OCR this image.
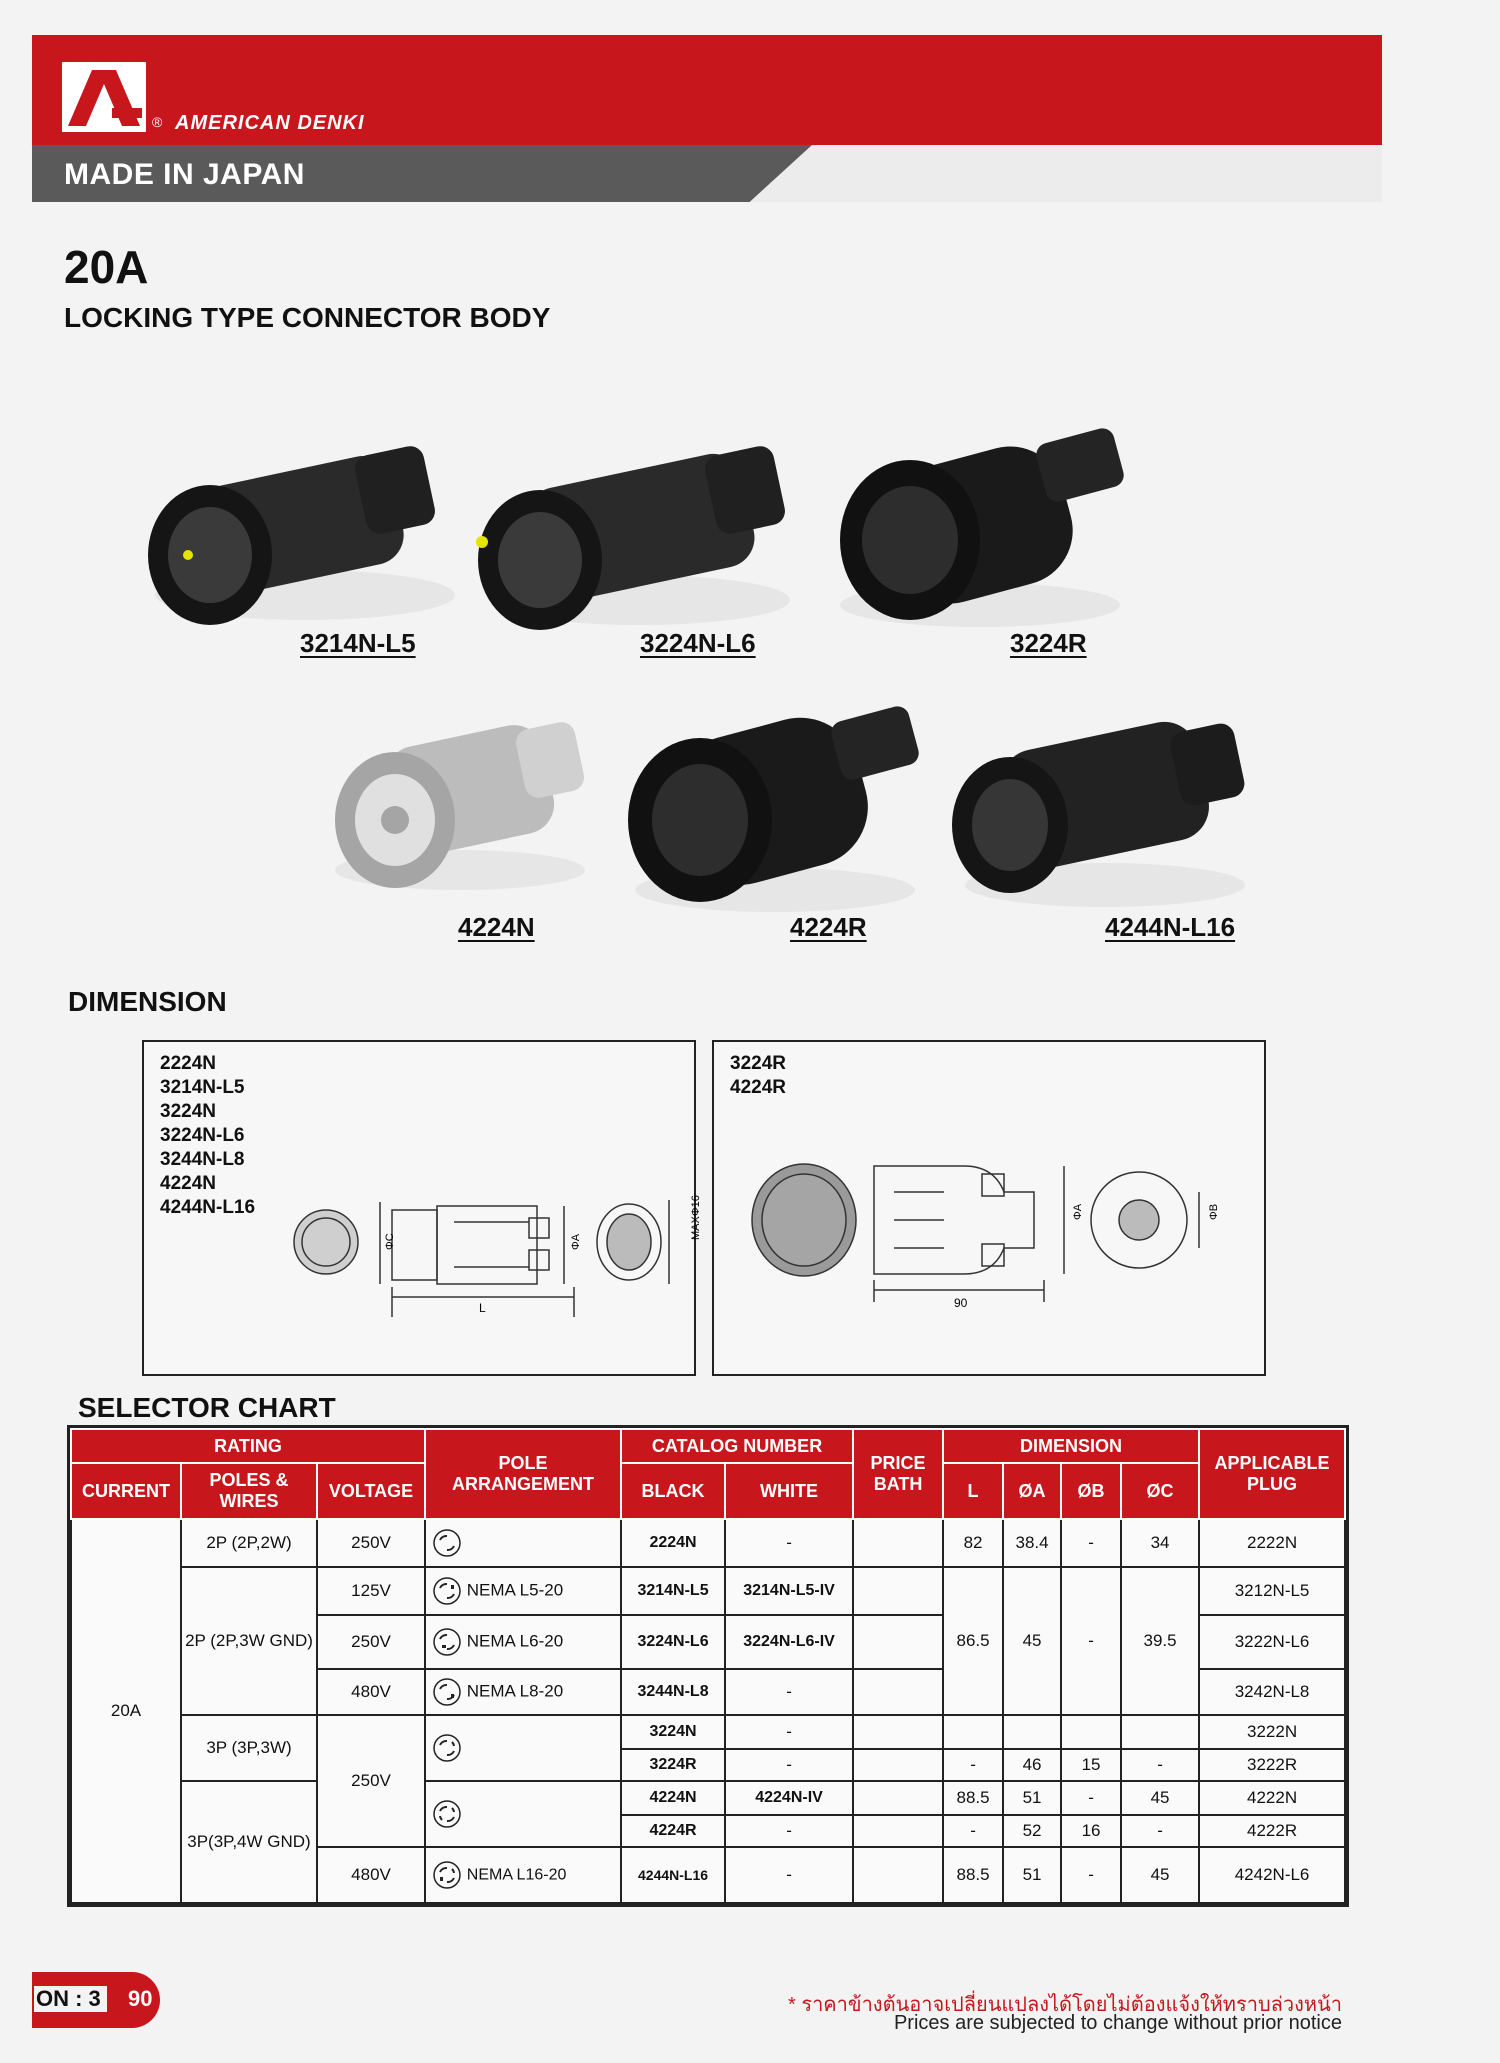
® AMERICAN DENKI
MADE IN JAPAN
20A
LOCKING TYPE CONNECTOR BODY
3214N-L5	3224N-L6	3224R
4224N	4224R	4244N-L16
DIMENSION
2224N
3214N-L5
3224N
3224N-L6
3244N-L8
4224N
4244N-L16
ΦC	ΦA
L
MAXΦ16
3224R
4224R
90
ΦA	ΦB
SELECTOR CHART
RATING			POLE ARRANGEMENT	CATALOG NUMBER		PRICE BATH	DIMENSION				APPLICABLE PLUG
CURRENT	POLES & WIRES	VOLTAGE		BLACK	WHITE		L	ØA	ØB	ØC	
20A	2P (2P,2W)	250V		2224N	-		82	38.4	-	34	2222N
	2P (2P,3W GND)	125V	NEMA L5-20	3214N-L5	3214N-L5-IV		86.5	45	-	39.5	3212N-L5
		250V	NEMA L6-20	3224N-L6	3224N-L6-IV						3222N-L6
		480V	NEMA L8-20	3244N-L8	-						3242N-L8
	3P (3P,3W)	250V		3224N	-						3222N
				3224R	-		-	46	15	-	3222R
	3P(3P,4W GND)			4224N	4224N-IV		88.5	51	-	45	4222N
				4224R	-		-	52	16	-	4222R
		480V	NEMA L16-20	4244N-L16	-		88.5	51	-	45	4242N-L6
ON : 3 90	* ราคาข้างต้นอาจเปลี่ยนแปลงได้โดยไม่ต้องแจ้งให้ทราบล่วงหน้า
Prices are subjected to change without prior notice
